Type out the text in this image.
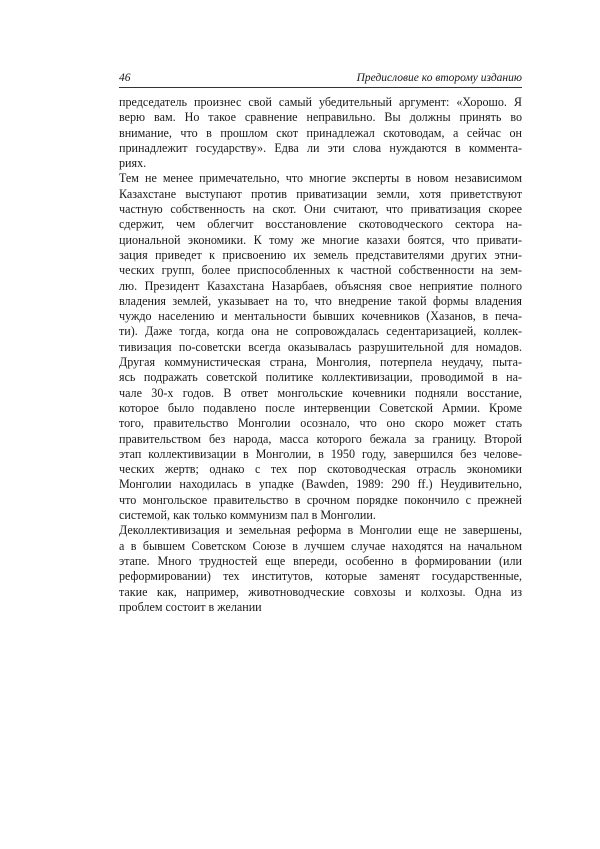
46	Предисловие ко второму изданию

председатель произнес свой самый убедительный аргумент: «Хорошо. Я
верю вам. Но такое сравнение неправильно. Вы должны принять во
внимание, что в прошлом скот принадлежал скотоводам, а сейчас он
принадлежит государству». Едва ли эти слова нуждаются в коммента-
риях.

Тем не менее примечательно, что многие эксперты в новом независимом
Казахстане выступают против приватизации земли, хотя приветствуют
частную собственность на скот. Они считают, что приватизация скорее
сдержит, чем облегчит восстановление скотоводческого сектора на-
циональной экономики. К тому же многие казахи боятся, что привати-
зация приведет к присвоению их земель представителями других этни-
ческих групп, более приспособленных к частной собственности на зем-
лю. Президент Казахстана Назарбаев, объясняя свое неприятие полного
владения землей, указывает на то, что внедрение такой формы владения
чуждо населению и ментальности бывших кочевников (Хазанов, в печа-
ти). Даже тогда, когда она не сопровождалась седентаризацией, коллек-
тивизация по-советски всегда оказывалась разрушительной для номадов.
Другая коммунистическая страна, Монголия, потерпела неудачу, пыта-
ясь подражать советской политике коллективизации, проводимой в на-
чале 30-х годов. В ответ монгольские кочевники подняли восстание,
которое было подавлено после интервенции Советской Армии. Кроме
того, правительство Монголии осознало, что оно скоро может стать
правительством без народа, масса которого бежала за границу. Второй
этап коллективизации в Монголии, в 1950 году, завершился без челове-
ческих жертв; однако с тех пор скотоводческая отрасль экономики
Монголии находилась в упадке (Bawden, 1989: 290 ff.) Неудивительно,
что монгольское правительство в срочном порядке покончило с прежней
системой, как только коммунизм пал в Монголии.

Деколлективизация и земельная реформа в Монголии еще не завершены,
а в бывшем Советском Союзе в лучшем случае находятся на начальном
этапе. Много трудностей еще впереди, особенно в формировании (или
реформировании) тех институтов, которые заменят государственные,
такие как, например, животноводческие совхозы и колхозы. Одна из
проблем состоит в желании
